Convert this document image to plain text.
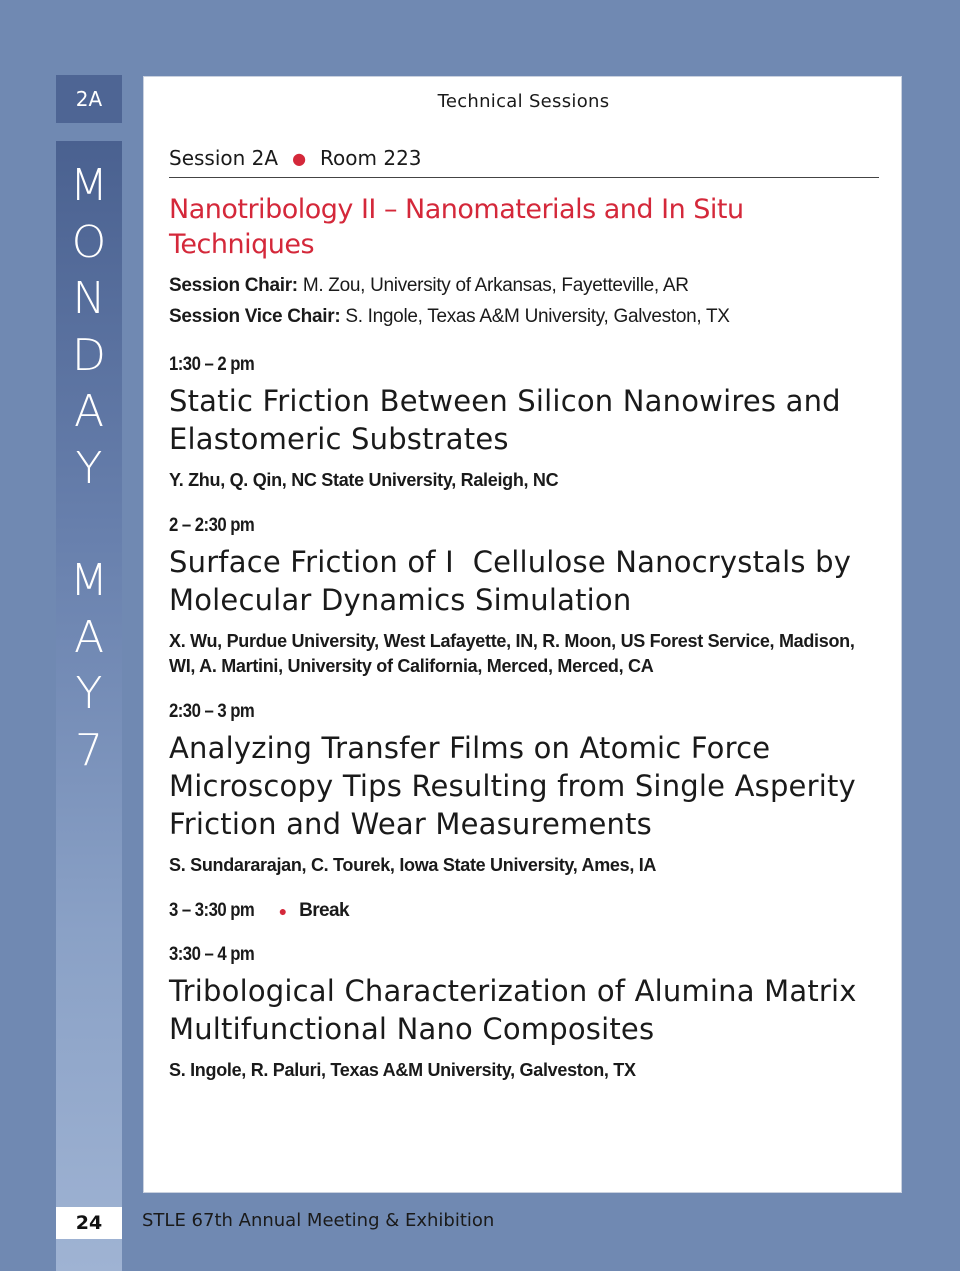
2A
M
O
N
D
A
Y
M
A
Y
7
24 STLE 67th Annual Meeting & Exhibition
Technical Sessions
Session 2A ● Room 223
Nanotribology II – Nanomaterials and In Situ Techniques
Session Chair: M. Zou, University of Arkansas, Fayetteville, AR
Session Vice Chair: S. Ingole, Texas A&M University, Galveston, TX
1:30 – 2 pm
Static Friction Between Silicon Nanowires and Elastomeric Substrates
Y. Zhu, Q. Qin, NC State University, Raleigh, NC
2 – 2:30 pm
Surface Friction of I  Cellulose Nanocrystals by Molecular Dynamics Simulation
X. Wu, Purdue University, West Lafayette, IN, R. Moon, US Forest Service, Madison, WI, A. Martini, University of California, Merced, Merced, CA
2:30 – 3 pm
Analyzing Transfer Films on Atomic Force Microscopy Tips Resulting from Single Asperity Friction and Wear Measurements
S. Sundararajan, C. Tourek, Iowa State University, Ames, IA
3 – 3:30 pm ● Break
3:30 – 4 pm
Tribological Characterization of Alumina Matrix Multifunctional Nano Composites
S. Ingole, R. Paluri, Texas A&M University, Galveston, TX
